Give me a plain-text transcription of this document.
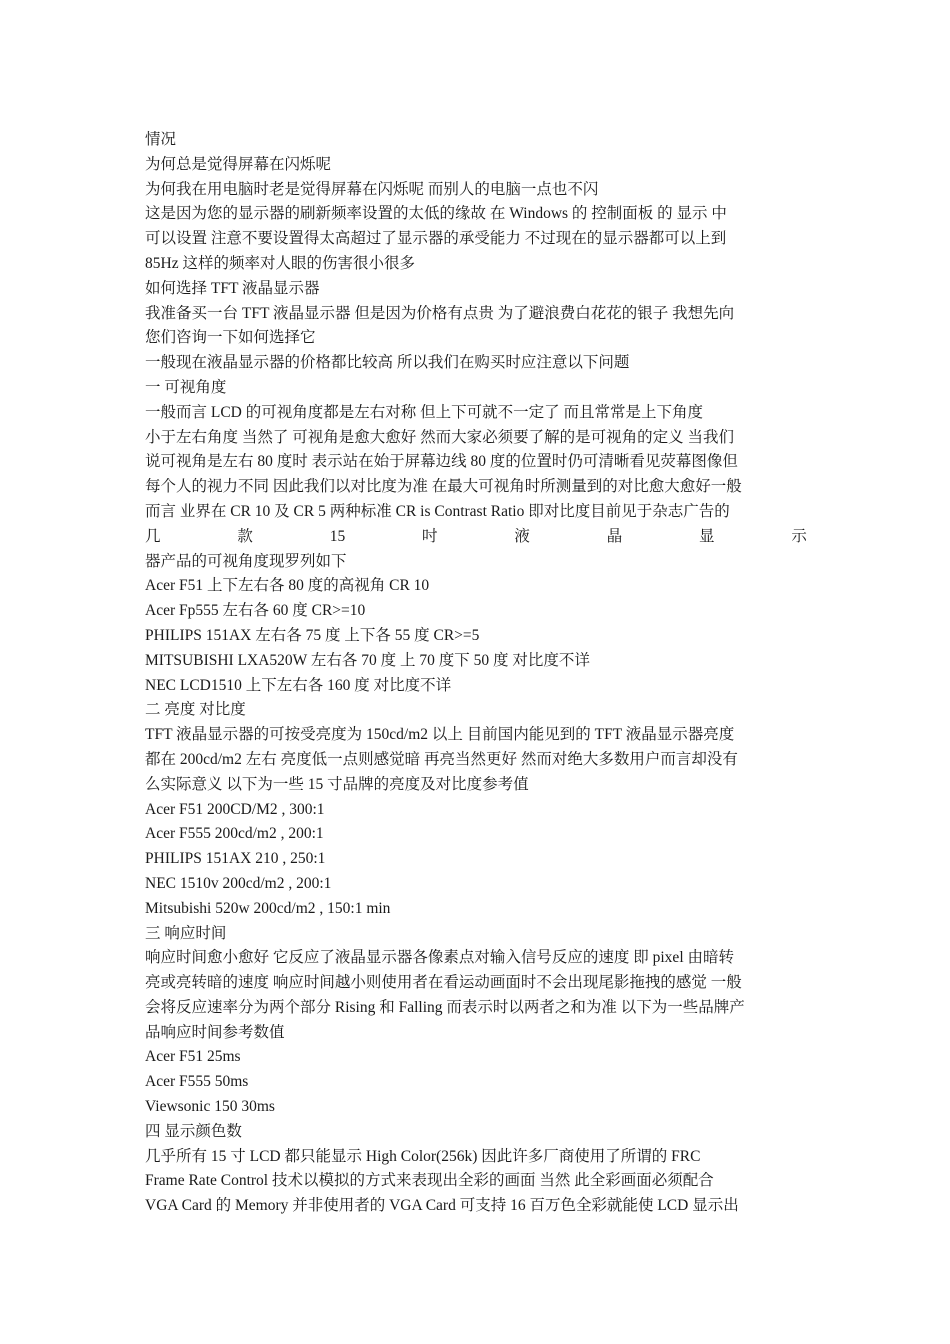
情况
为何总是觉得屏幕在闪烁呢
为何我在用电脑时老是觉得屏幕在闪烁呢 而别人的电脑一点也不闪
这是因为您的显示器的刷新频率设置的太低的缘故 在 Windows 的 控制面板 的 显示 中
可以设置 注意不要设置得太高超过了显示器的承受能力 不过现在的显示器都可以上到
85Hz 这样的频率对人眼的伤害很小很多
如何选择 TFT 液晶显示器
我准备买一台 TFT 液晶显示器 但是因为价格有点贵 为了避浪费白花花的银子 我想先向
您们咨询一下如何选择它
一般现在液晶显示器的价格都比较高 所以我们在购买时应注意以下问题
一 可视角度
一般而言 LCD 的可视角度都是左右对称 但上下可就不一定了 而且常常是上下角度
小于左右角度 当然了 可视角是愈大愈好 然而大家必须要了解的是可视角的定义 当我们
说可视角是左右 80 度时 表示站在始于屏幕边线 80 度的位置时仍可清晰看见荧幕图像但
每个人的视力不同 因此我们以对比度为准 在最大可视角时所测量到的对比愈大愈好一般
而言 业界在 CR 10 及 CR 5 两种标准 CR is Contrast Ratio 即对比度目前见于杂志广告的
几	款	15	吋	液	晶	显	示
器产品的可视角度现罗列如下
Acer F51 上下左右各 80 度的高视角 CR 10
Acer Fp555 左右各 60 度 CR>=10
PHILIPS 151AX 左右各 75 度 上下各 55 度 CR>=5
MITSUBISHI LXA520W 左右各 70 度 上 70 度下 50 度 对比度不详
NEC LCD1510 上下左右各 160 度 对比度不详
二 亮度 对比度
TFT 液晶显示器的可按受亮度为 150cd/m2 以上 目前国内能见到的 TFT 液晶显示器亮度
都在 200cd/m2 左右 亮度低一点则感觉暗 再亮当然更好 然而对绝大多数用户而言却没有
么实际意义 以下为一些 15 寸品牌的亮度及对比度参考值
Acer F51 200CD/M2 , 300:1
Acer F555 200cd/m2 , 200:1
PHILIPS 151AX 210 , 250:1
NEC 1510v 200cd/m2 , 200:1
Mitsubishi 520w 200cd/m2 , 150:1 min
三 响应时间
响应时间愈小愈好 它反应了液晶显示器各像素点对输入信号反应的速度 即 pixel 由暗转
亮或亮转暗的速度 响应时间越小则使用者在看运动画面时不会出现尾影拖拽的感觉 一般
会将反应速率分为两个部分 Rising 和 Falling 而表示时以两者之和为准 以下为一些品牌产
品响应时间参考数值
Acer F51 25ms
Acer F555 50ms
Viewsonic 150 30ms
四 显示颜色数
几乎所有 15 寸 LCD 都只能显示 High Color(256k) 因此许多厂商使用了所谓的 FRC
Frame Rate Control 技术以模拟的方式来表现出全彩的画面 当然 此全彩画面必须配合
VGA Card 的 Memory 并非使用者的 VGA Card 可支持 16 百万色全彩就能使 LCD 显示出
